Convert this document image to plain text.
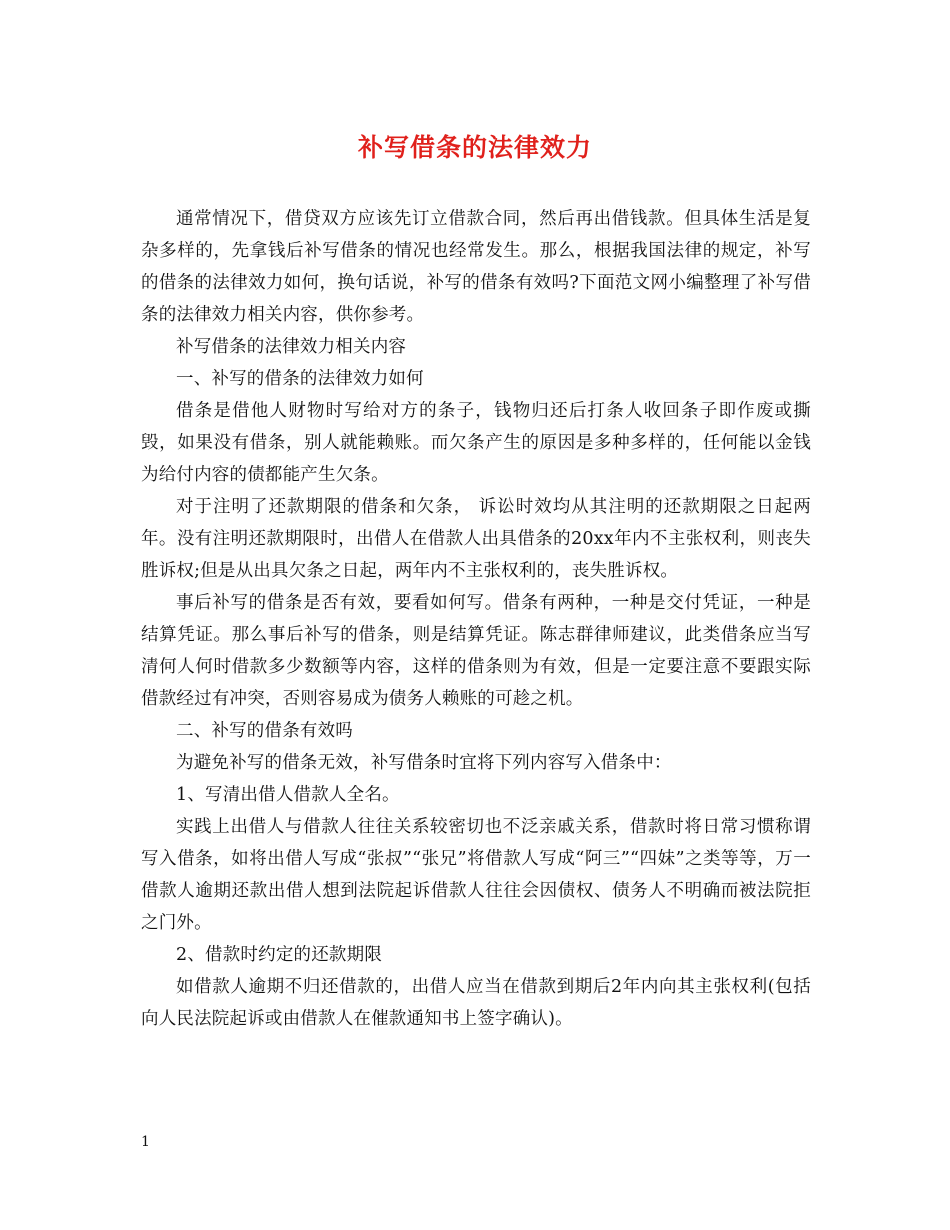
补写借条的法律效力

通常情况下，借贷双方应该先订立借款合同，然后再出借钱款。但具体生活是复杂多样的，先拿钱后补写借条的情况也经常发生。那么，根据我国法律的规定，补写的借条的法律效力如何，换句话说，补写的借条有效吗?下面范文网小编整理了补写借条的法律效力相关内容，供你参考。

补写借条的法律效力相关内容

一、补写的借条的法律效力如何

借条是借他人财物时写给对方的条子，钱物归还后打条人收回条子即作废或撕毁，如果没有借条，别人就能赖账。而欠条产生的原因是多种多样的，任何能以金钱为给付内容的债都能产生欠条。

对于注明了还款期限的借条和欠条， 诉讼时效均从其注明的还款期限之日起两年。没有注明还款期限时，出借人在借款人出具借条的20xx年内不主张权利，则丧失胜诉权;但是从出具欠条之日起，两年内不主张权利的，丧失胜诉权。

事后补写的借条是否有效，要看如何写。借条有两种，一种是交付凭证，一种是结算凭证。那么事后补写的借条，则是结算凭证。陈志群律师建议，此类借条应当写清何人何时借款多少数额等内容，这样的借条则为有效，但是一定要注意不要跟实际借款经过有冲突，否则容易成为债务人赖账的可趁之机。

二、补写的借条有效吗

为避免补写的借条无效，补写借条时宜将下列内容写入借条中：

1、写清出借人借款人全名。

实践上出借人与借款人往往关系较密切也不泛亲戚关系，借款时将日常习惯称谓写入借条，如将出借人写成“张叔”“张兄”将借款人写成“阿三”“四妹”之类等等，万一借款人逾期还款出借人想到法院起诉借款人往往会因债权、债务人不明确而被法院拒之门外。

2、借款时约定的还款期限

如借款人逾期不归还借款的，出借人应当在借款到期后2年内向其主张权利(包括向人民法院起诉或由借款人在催款通知书上签字确认)。

1
